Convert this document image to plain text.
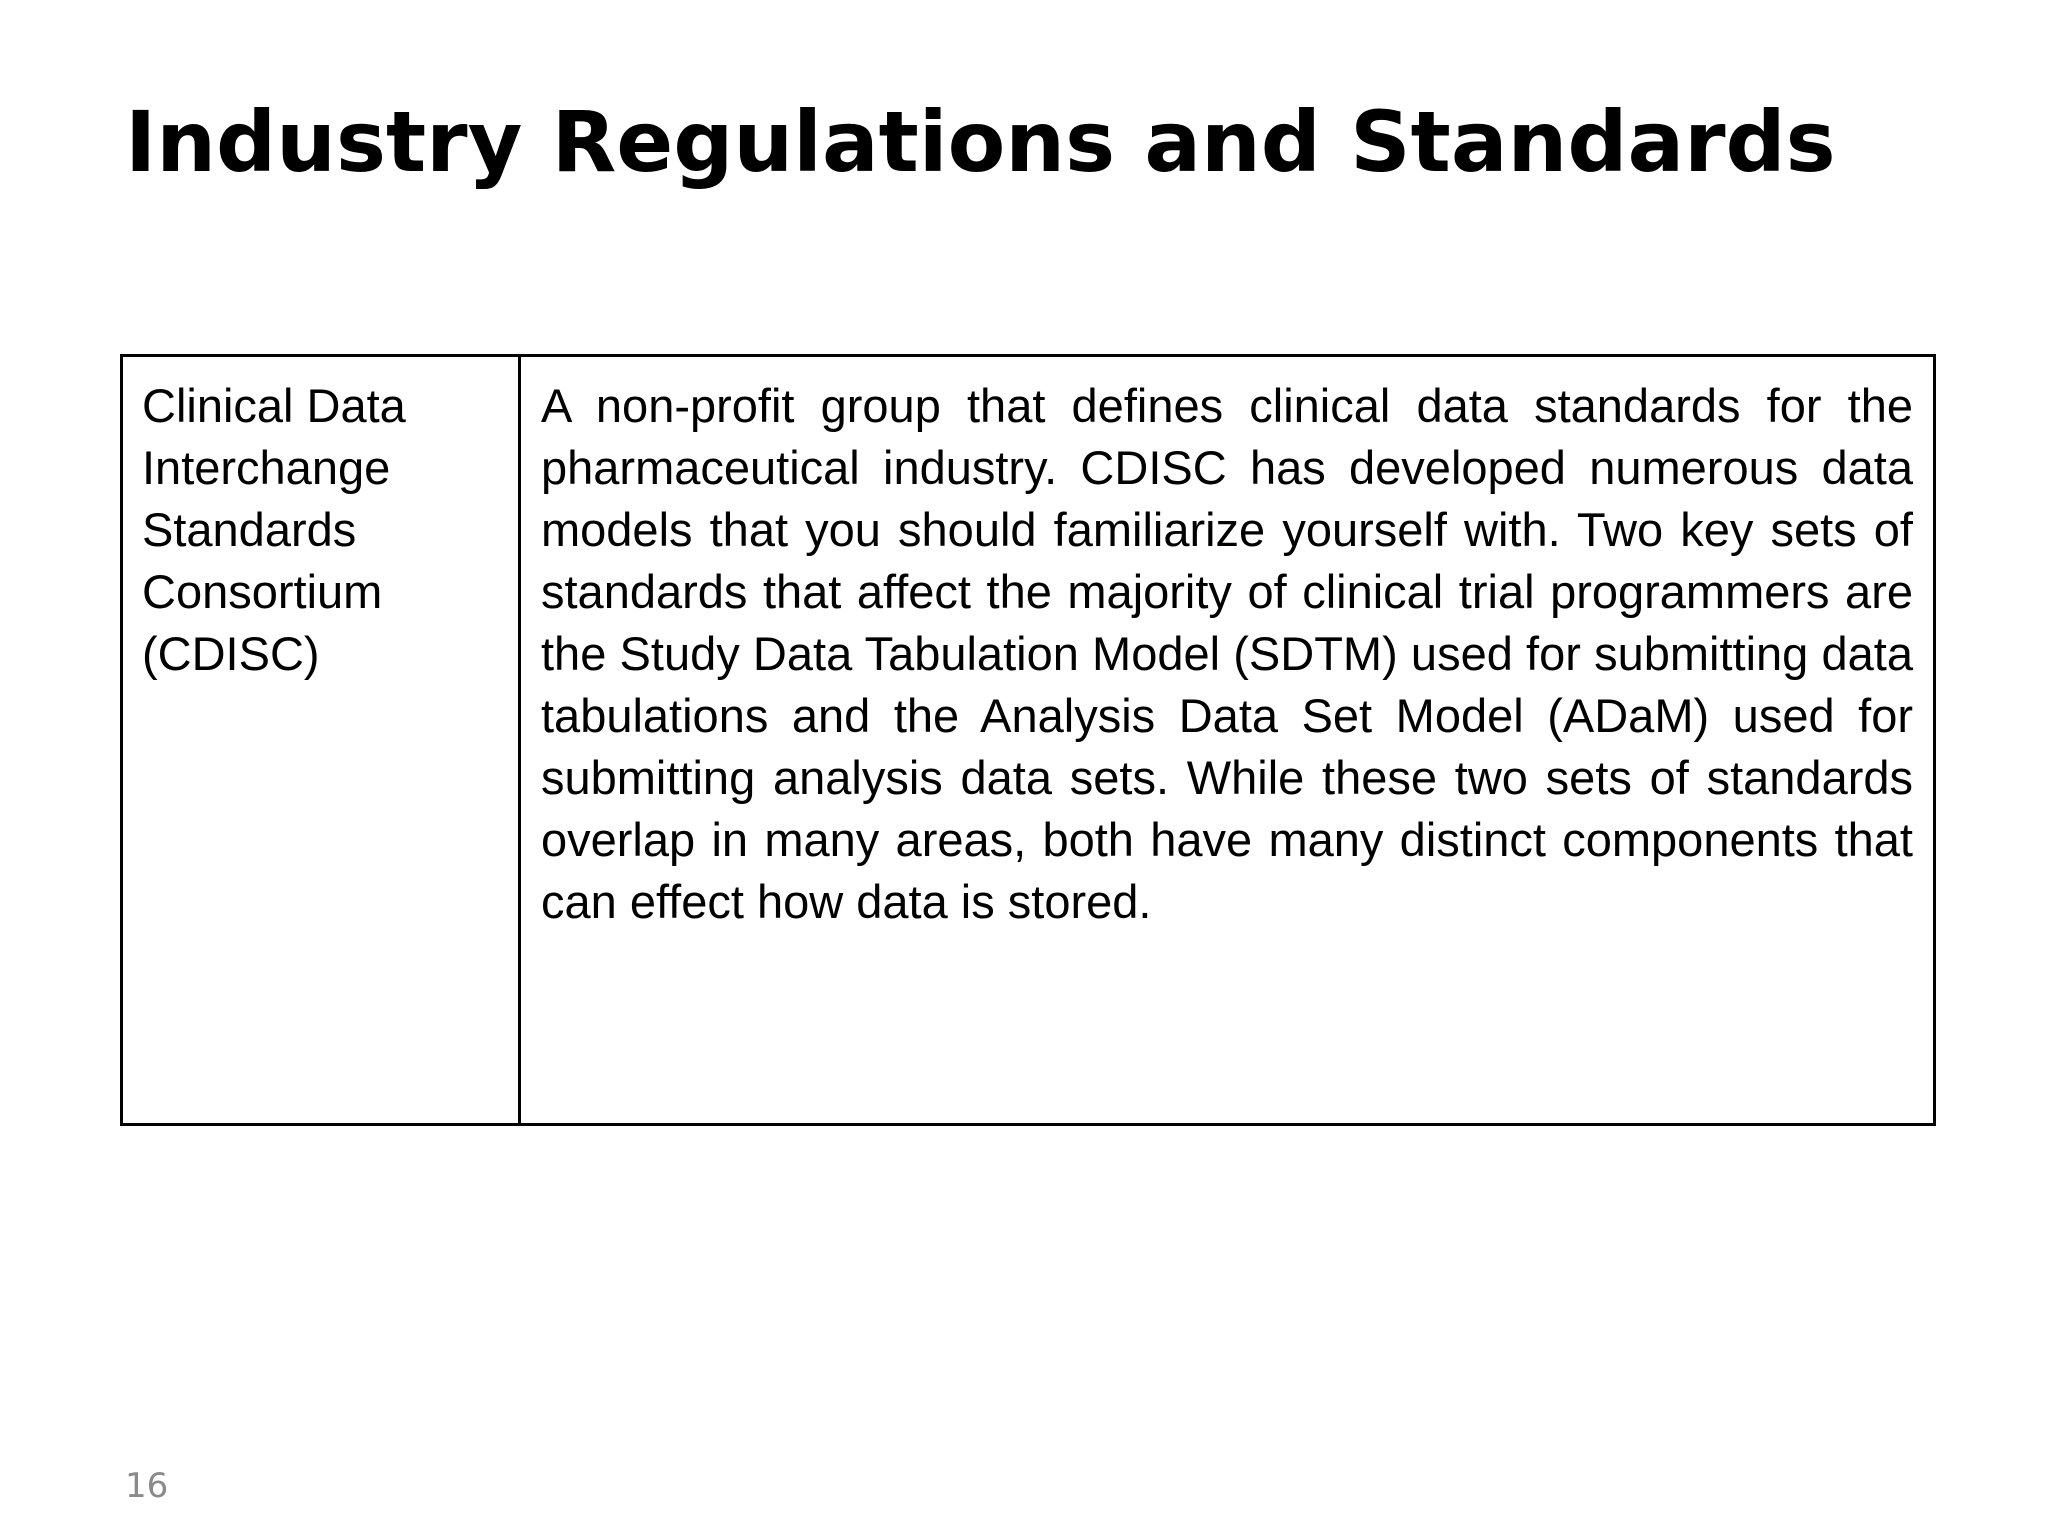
Industry Regulations and Standards
Clinical Data Interchange Standards Consortium (CDISC)
A non-profit group that defines clinical data standards for the pharmaceutical industry. CDISC has developed numerous data models that you should familiarize yourself with. Two key sets of standards that affect the majority of clinical trial programmers are the Study Data Tabulation Model (SDTM) used for submitting data tabulations and the Analysis Data Set Model (ADaM) used for submitting analysis data sets. While these two sets of standards overlap in many areas, both have many distinct components that can effect how data is stored.
16
